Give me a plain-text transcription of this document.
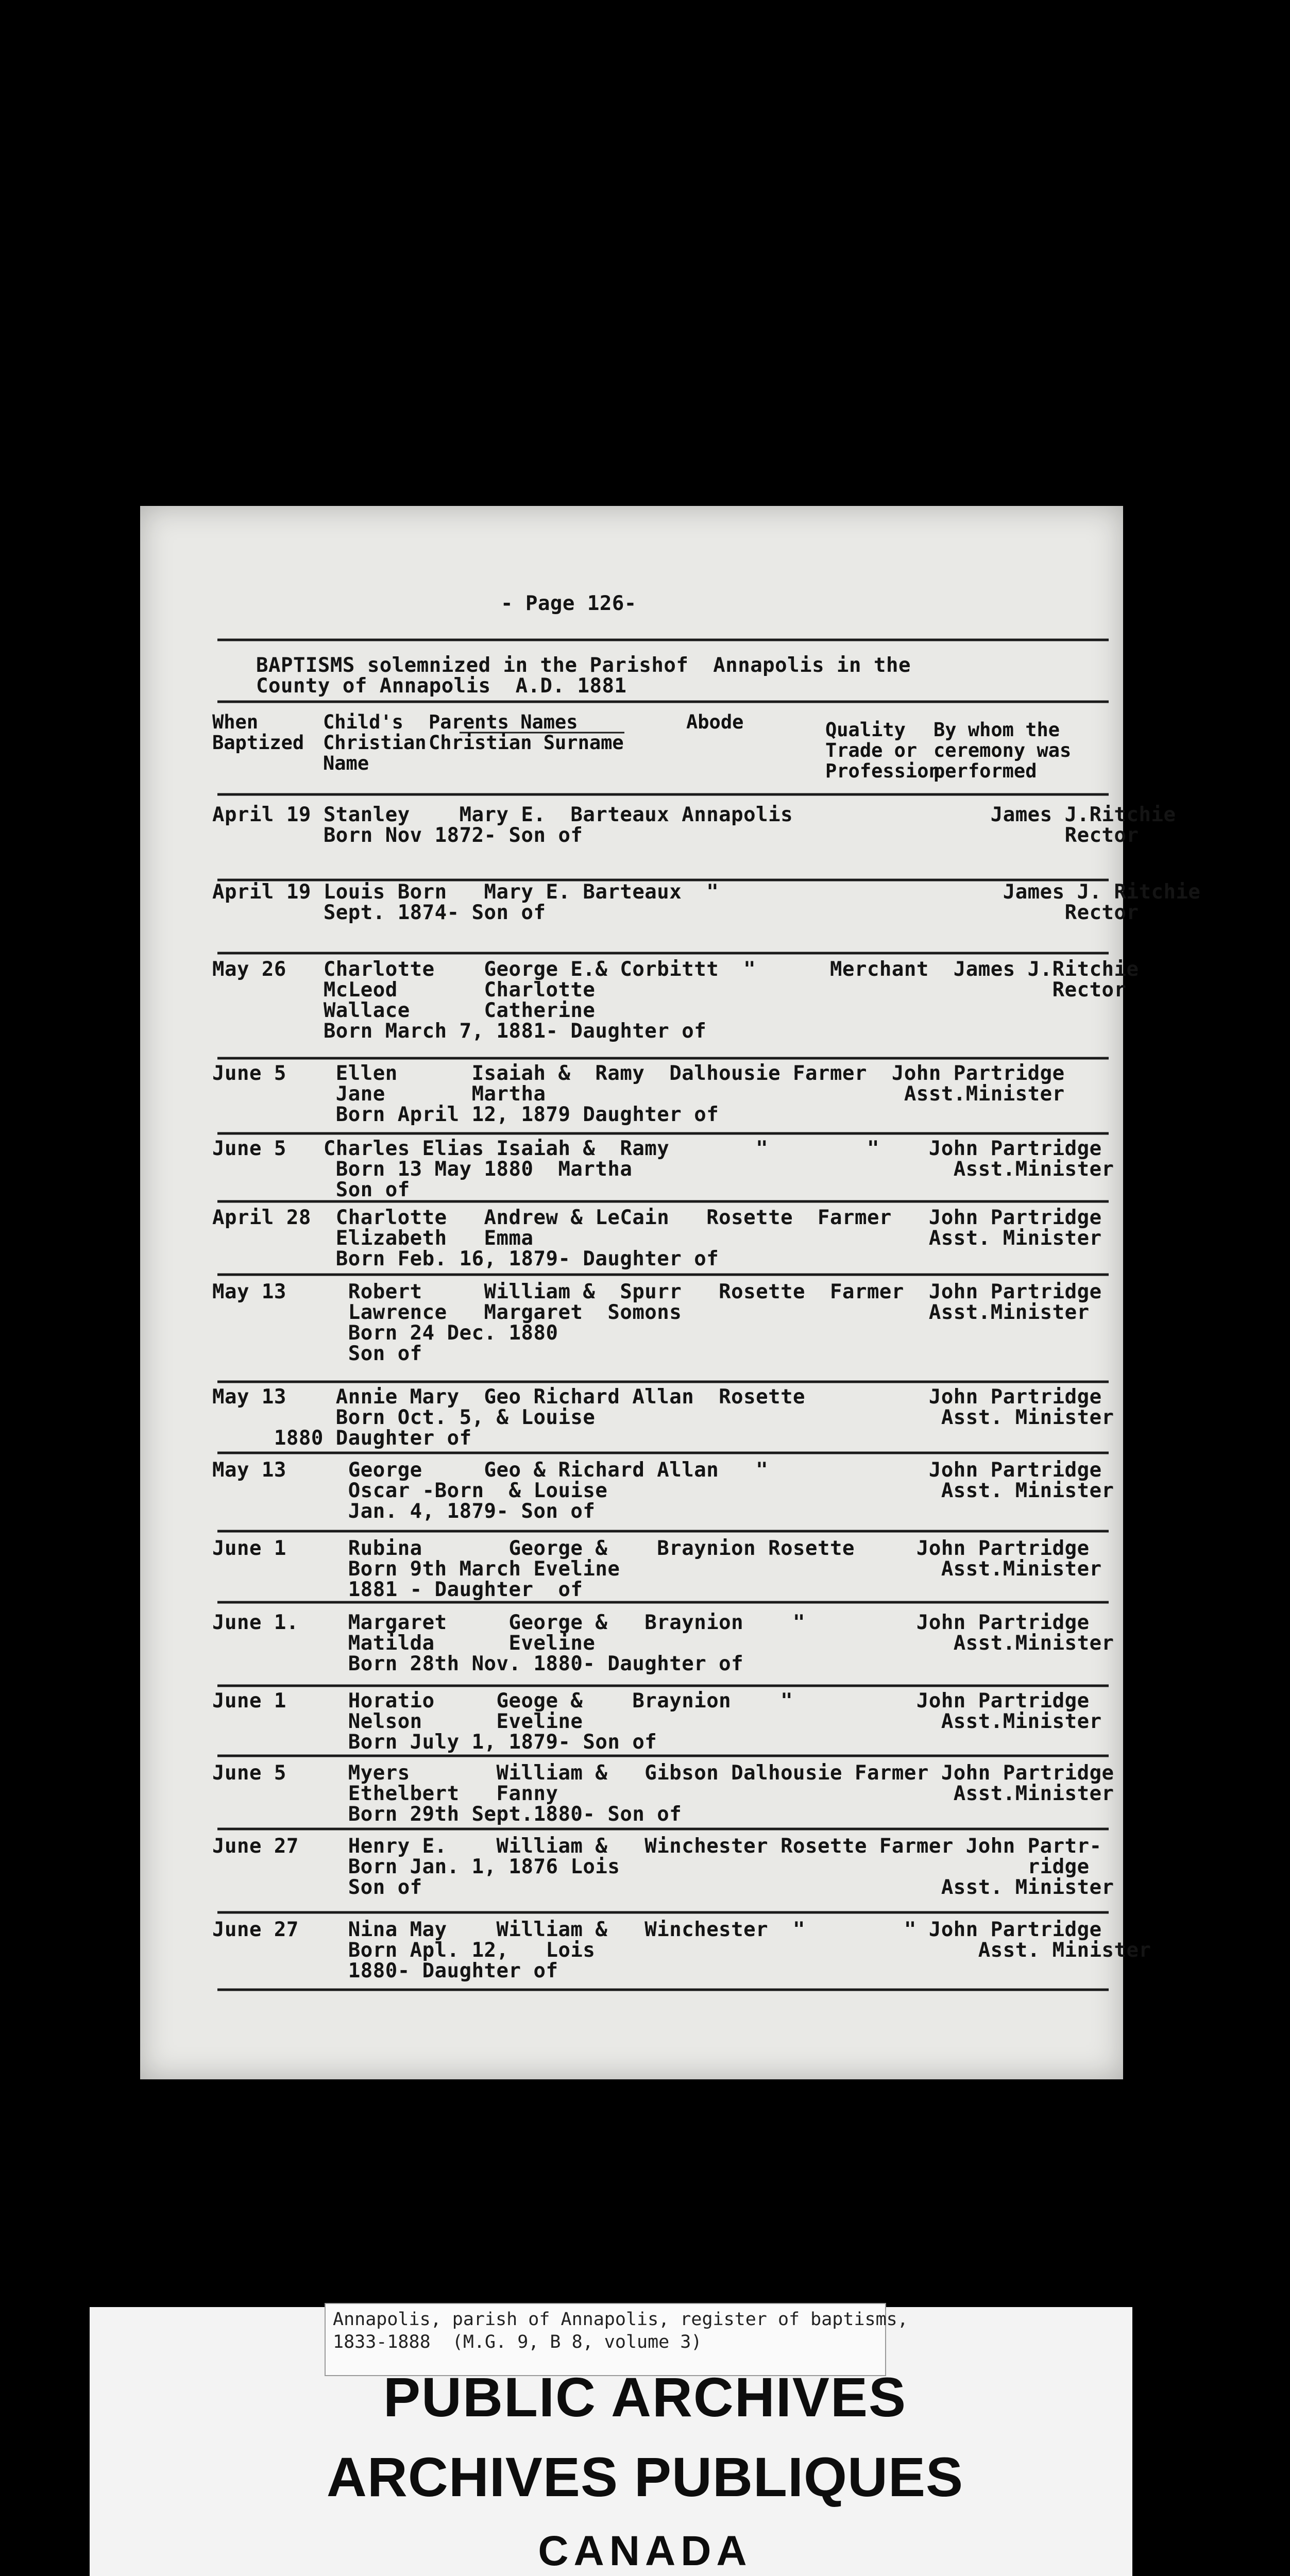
- Page 126-
BAPTISMS solemnized in the Parishof  Annapolis in the
County of Annapolis  A.D. 1881
When
Baptized
Child's
Christian
Name
Parents Names
Christian Surname
Abode	Quality
Trade or
Profession
By whom the
ceremony was
performed
April 19 Stanley    Mary E.  Barteaux Annapolis                James J.Ritchie
Born Nov 1872- Son of                                       Rector
April 19 Louis Born   Mary E. Barteaux  "                       James J. Ritchie
Sept. 1874- Son of                                          Rector
May 26   Charlotte    George E.& Corbittt  "      Merchant  James J.Ritchie
McLeod       Charlotte                                     Rector
Wallace      Catherine
Born March 7, 1881- Daughter of
June 5    Ellen      Isaiah &  Ramy  Dalhousie Farmer  John Partridge
Jane       Martha                             Asst.Minister
Born April 12, 1879 Daughter of
June 5   Charles Elias Isaiah &  Ramy       "        "    John Partridge
Born 13 May 1880  Martha                          Asst.Minister
Son of
April 28  Charlotte   Andrew & LeCain   Rosette  Farmer   John Partridge
Elizabeth   Emma                                Asst. Minister
Born Feb. 16, 1879- Daughter of
May 13     Robert     William &  Spurr   Rosette  Farmer  John Partridge
Lawrence   Margaret  Somons                    Asst.Minister
Born 24 Dec. 1880
Son of
May 13    Annie Mary  Geo Richard Allan  Rosette          John Partridge
Born Oct. 5, & Louise                            Asst. Minister
1880 Daughter of
May 13     George     Geo & Richard Allan   "             John Partridge
Oscar -Born  & Louise                           Asst. Minister
Jan. 4, 1879- Son of
June 1     Rubina       George &    Braynion Rosette     John Partridge
Born 9th March Eveline                          Asst.Minister
1881 - Daughter  of
June 1.    Margaret     George &   Braynion    "         John Partridge
Matilda      Eveline                             Asst.Minister
Born 28th Nov. 1880- Daughter of
June 1     Horatio     Geoge &    Braynion    "          John Partridge
Nelson      Eveline                             Asst.Minister
Born July 1, 1879- Son of
June 5     Myers       William &   Gibson Dalhousie Farmer John Partridge
Ethelbert   Fanny                                Asst.Minister
Born 29th Sept.1880- Son of
June 27    Henry E.    William &   Winchester Rosette Farmer John Partr-
Born Jan. 1, 1876 Lois                                 ridge
Son of                                          Asst. Minister
June 27    Nina May    William &   Winchester  "        " John Partridge
Born Apl. 12,   Lois                               Asst. Minister
1880- Daughter of
Annapolis, parish of Annapolis, register of baptisms,
1833-1888  (M.G. 9, B 8, volume 3)
PUBLIC ARCHIVES
ARCHIVES PUBLIQUES
CANADA
